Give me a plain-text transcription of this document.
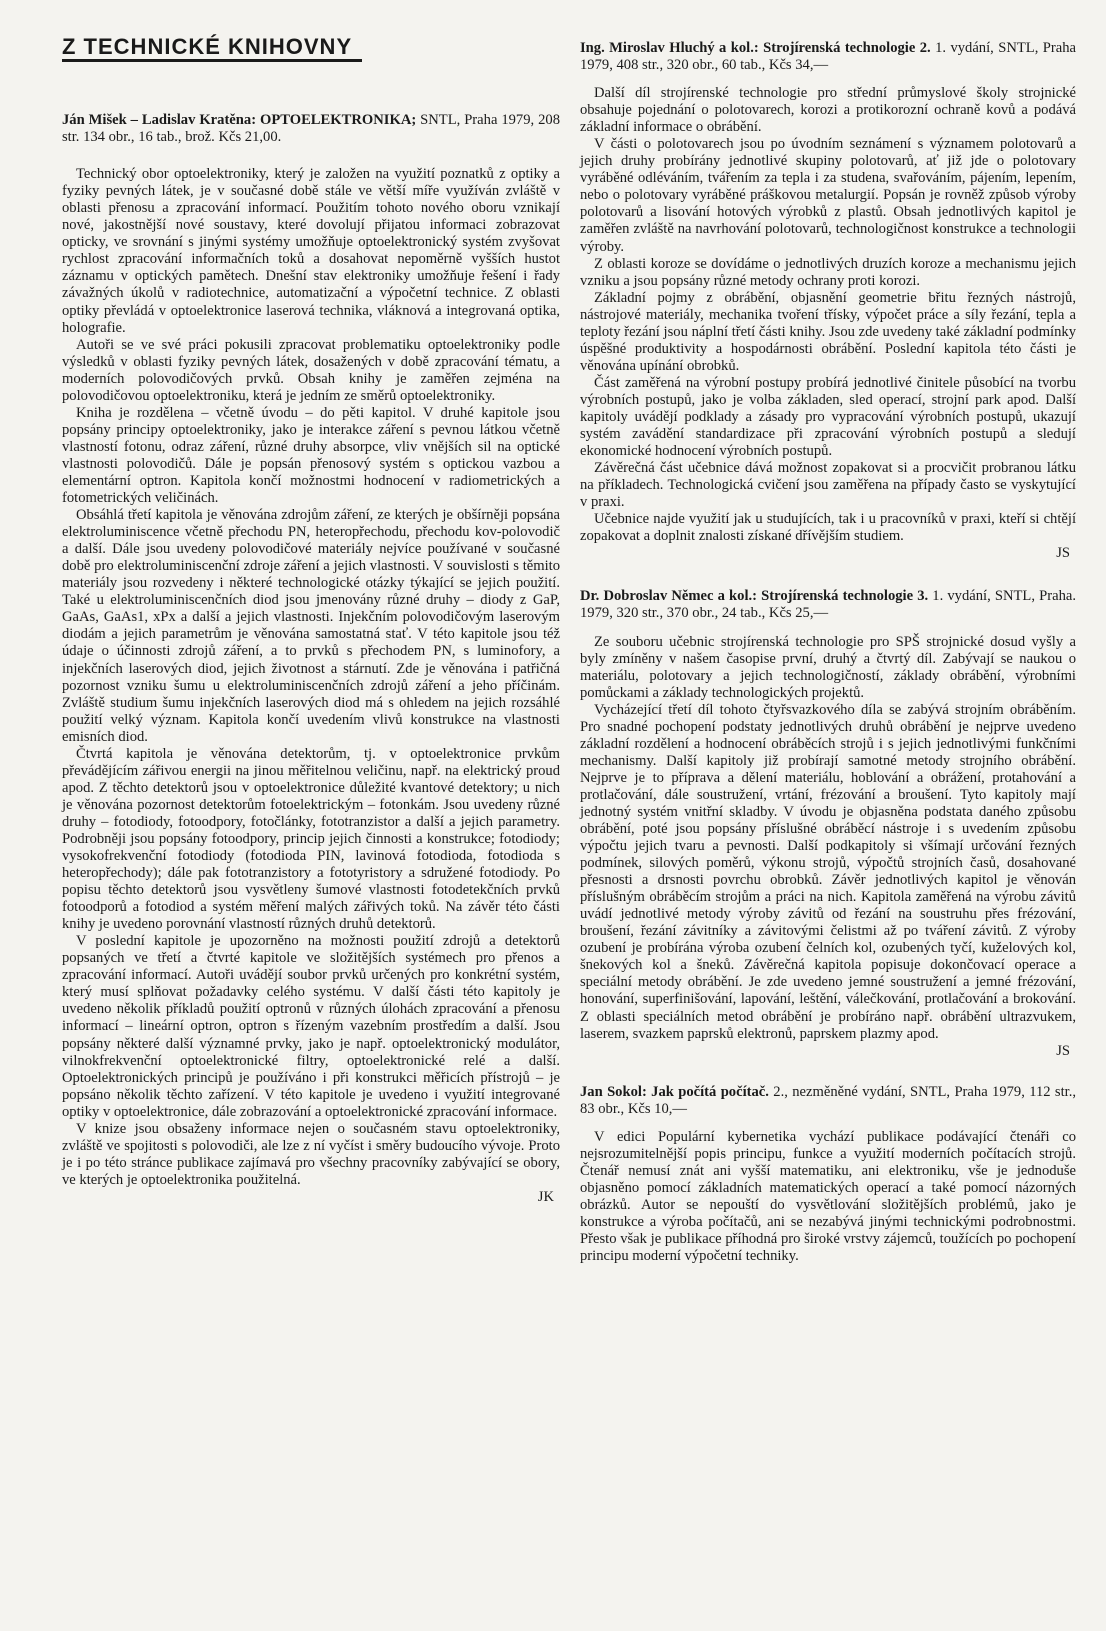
Z TECHNICKÉ KNIHOVNY

Ján Mišek – Ladislav Kratěna: OPTOELEKTRONIKA; SNTL, Praha 1979, 208 str. 134 obr., 16 tab., brož. Kčs 21,00.

Technický obor optoelektroniky, který je založen na využití poznatků z optiky a fyziky pevných látek, je v současné době stále ve větší míře využíván zvláště v oblasti přenosu a zpracování informací. Použitím tohoto nového oboru vznikají nové, jakostnější nové soustavy, které dovolují přijatou informaci zobrazovat opticky, ve srovnání s jinými systémy umožňuje optoelektronický systém zvyšovat rychlost zpracování informačních toků a dosahovat nepoměrně vyšších hustot záznamu v optických pamětech. Dnešní stav elektroniky umožňuje řešení i řady závažných úkolů v radiotechnice, automatizační a výpočetní technice. Z oblasti optiky převládá v optoelektronice laserová technika, vláknová a integrovaná optika, holografie.

Autoři se ve své práci pokusili zpracovat problematiku optoelektroniky podle výsledků v oblasti fyziky pevných látek, dosažených v době zpracování tématu, a moderních polovodičových prvků. Obsah knihy je zaměřen zejména na polovodičovou optoelektroniku, která je jedním ze směrů optoelektroniky.

Kniha je rozdělena – včetně úvodu – do pěti kapitol. V druhé kapitole jsou popsány principy optoelektroniky, jako je interakce záření s pevnou látkou včetně vlastností fotonu, odraz záření, různé druhy absorpce, vliv vnějších sil na optické vlastnosti polovodičů. Dále je popsán přenosový systém s optickou vazbou a elementární optron. Kapitola končí možnostmi hodnocení v radiometrických a fotometrických veličinách.

Obsáhlá třetí kapitola je věnována zdrojům záření, ze kterých je obšírněji popsána elektroluminiscence včetně přechodu PN, heteropřechodu, přechodu kov-polovodič a další. Dále jsou uvedeny polovodičové materiály nejvíce používané v současné době pro elektroluminiscenční zdroje záření a jejich vlastnosti. V souvislosti s těmito materiály jsou rozvedeny i některé technologické otázky týkající se jejich použití. Také u elektroluminiscenčních diod jsou jmenovány různé druhy – diody z GaP, GaAs, GaAs1, xPx a další a jejich vlastnosti. Injekčním polovodičovým laserovým diodám a jejich parametrům je věnována samostatná stať. V této kapitole jsou též údaje o účinnosti zdrojů záření, a to prvků s přechodem PN, s luminofory, a injekčních laserových diod, jejich životnost a stárnutí. Zde je věnována i patřičná pozornost vzniku šumu u elektroluminiscenčních zdrojů záření a jeho příčinám. Zvláště studium šumu injekčních laserových diod má s ohledem na jejich rozsáhlé použití velký význam. Kapitola končí uvedením vlivů konstrukce na vlastnosti emisních diod.

Čtvrtá kapitola je věnována detektorům, tj. v optoelektronice prvkům převádějícím zářivou energii na jinou měřitelnou veličinu, např. na elektrický proud apod. Z těchto detektorů jsou v optoelektronice důležité kvantové detektory; u nich je věnována pozornost detektorům fotoelektrickým – fotonkám. Jsou uvedeny různé druhy – fotodiody, fotoodpory, fotočlánky, fototranzistor a další a jejich parametry. Podrobněji jsou popsány fotoodpory, princip jejich činnosti a konstrukce; fotodiody; vysokofrekvenční fotodiody (fotodioda PIN, lavinová fotodioda, fotodioda s heteropřechody); dále pak fototranzistory a fototyristory a sdružené fotodiody. Po popisu těchto detektorů jsou vysvětleny šumové vlastnosti fotodetekčních prvků fotoodporů a fotodiod a systém měření malých zářivých toků. Na závěr této části knihy je uvedeno porovnání vlastností různých druhů detektorů.

V poslední kapitole je upozorněno na možnosti použití zdrojů a detektorů popsaných ve třetí a čtvrté kapitole ve složitějších systémech pro přenos a zpracování informací. Autoři uvádějí soubor prvků určených pro konkrétní systém, který musí splňovat požadavky celého systému. V další části této kapitoly je uvedeno několik příkladů použití optronů v různých úlohách zpracování a přenosu informací – lineární optron, optron s řízeným vazebním prostředím a další. Jsou popsány některé další významné prvky, jako je např. optoelektronický modulátor, vilnokfrekvenční optoelektronické filtry, optoelektronické relé a další. Optoelektronických principů je používáno i při konstrukci měřicích přístrojů – je popsáno několik těchto zařízení. V této kapitole je uvedeno i využití integrované optiky v optoelektronice, dále zobrazování a optoelektronické zpracování informace.

V knize jsou obsaženy informace nejen o současném stavu optoelektroniky, zvláště ve spojitosti s polovodiči, ale lze z ní vyčíst i směry budoucího vývoje. Proto je i po této stránce publikace zajímavá pro všechny pracovníky zabývající se obory, ve kterých je optoelektronika použitelná.

JK

Ing. Miroslav Hluchý a kol.: Strojírenská technologie 2. 1. vydání, SNTL, Praha 1979, 408 str., 320 obr., 60 tab., Kčs 34,—

Další díl strojírenské technologie pro střední průmyslové školy strojnické obsahuje pojednání o polotovarech, korozi a protikorozní ochraně kovů a podává základní informace o obrábění.

V části o polotovarech jsou po úvodním seznámení s významem polotovarů a jejich druhy probírány jednotlivé skupiny polotovarů, ať již jde o polotovary vyráběné odléváním, tvářením za tepla i za studena, svařováním, pájením, lepením, nebo o polotovary vyráběné práškovou metalurgií. Popsán je rovněž způsob výroby polotovarů a lisování hotových výrobků z plastů. Obsah jednotlivých kapitol je zaměřen zvláště na navrhování polotovarů, technologičnost konstrukce a technologii výroby.

Z oblasti koroze se dovídáme o jednotlivých druzích koroze a mechanismu jejich vzniku a jsou popsány různé metody ochrany proti korozi.

Základní pojmy z obrábění, objasnění geometrie břitu řezných nástrojů, nástrojové materiály, mechanika tvoření třísky, výpočet práce a síly řezání, tepla a teploty řezání jsou náplní třetí části knihy. Jsou zde uvedeny také základní podmínky úspěšné produktivity a hospodárnosti obrábění. Poslední kapitola této části je věnována upínání obrobků.

Část zaměřená na výrobní postupy probírá jednotlivé činitele působící na tvorbu výrobních postupů, jako je volba základen, sled operací, strojní park apod. Další kapitoly uvádějí podklady a zásady pro vypracování výrobních postupů, ukazují systém zavádění standardizace při zpracování výrobních postupů a sledují ekonomické hodnocení výrobních postupů.

Závěrečná část učebnice dává možnost zopakovat si a procvičit probranou látku na příkladech. Technologická cvičení jsou zaměřena na případy často se vyskytující v praxi.

Učebnice najde využití jak u studujících, tak i u pracovníků v praxi, kteří si chtějí zopakovat a doplnit znalosti získané dřívějším studiem.

JS

Dr. Dobroslav Němec a kol.: Strojírenská technologie 3. 1. vydání, SNTL, Praha. 1979, 320 str., 370 obr., 24 tab., Kčs 25,—

Ze souboru učebnic strojírenská technologie pro SPŠ strojnické dosud vyšly a byly zmíněny v našem časopise první, druhý a čtvrtý díl. Zabývají se naukou o materiálu, polotovary a jejich technologičností, základy obrábění, výrobními pomůckami a základy technologických projektů.

Vycházející třetí díl tohoto čtyřsvazkového díla se zabývá strojním obráběním. Pro snadné pochopení podstaty jednotlivých druhů obrábění je nejprve uvedeno základní rozdělení a hodnocení obráběcích strojů i s jejich jednotlivými funkčními mechanismy. Další kapitoly již probírají samotné metody strojního obrábění. Nejprve je to příprava a dělení materiálu, hoblování a obrážení, protahování a protlačování, dále soustružení, vrtání, frézování a broušení. Tyto kapitoly mají jednotný systém vnitřní skladby. V úvodu je objasněna podstata daného způsobu obrábění, poté jsou popsány příslušné obráběcí nástroje i s uvedením způsobu výpočtu jejich tvaru a pevnosti. Další podkapitoly si všímají určování řezných podmínek, silových poměrů, výkonu strojů, výpočtů strojních časů, dosahované přesnosti a drsnosti povrchu obrobků. Závěr jednotlivých kapitol je věnován příslušným obráběcím strojům a práci na nich. Kapitola zaměřená na výrobu závitů uvádí jednotlivé metody výroby závitů od řezání na soustruhu přes frézování, broušení, řezání závitníky a závitovými čelistmi až po tváření závitů. Z výroby ozubení je probírána výroba ozubení čelních kol, ozubených tyčí, kuželových kol, šnekových kol a šneků. Závěrečná kapitola popisuje dokončovací operace a speciální metody obrábění. Je zde uvedeno jemné soustružení a jemné frézování, honování, superfinišování, lapování, leštění, válečkování, protlačování a brokování. Z oblasti speciálních metod obrábění je probíráno např. obrábění ultrazvukem, laserem, svazkem paprsků elektronů, paprskem plazmy apod.

JS

Jan Sokol: Jak počítá počítač. 2., nezměněné vydání, SNTL, Praha 1979, 112 str., 83 obr., Kčs 10,—

V edici Populární kybernetika vychází publikace podávající čtenáři co nejsrozumitelnější popis principu, funkce a využití moderních počítacích strojů. Čtenář nemusí znát ani vyšší matematiku, ani elektroniku, vše je jednoduše objasněno pomocí základních matematických operací a také pomocí názorných obrázků. Autor se nepouští do vysvětlování složitějších problémů, jako je konstrukce a výroba počítačů, ani se nezabývá jinými technickými podrobnostmi. Přesto však je publikace příhodná pro široké vrstvy zájemců, toužících po pochopení principu moderní výpočetní techniky.
